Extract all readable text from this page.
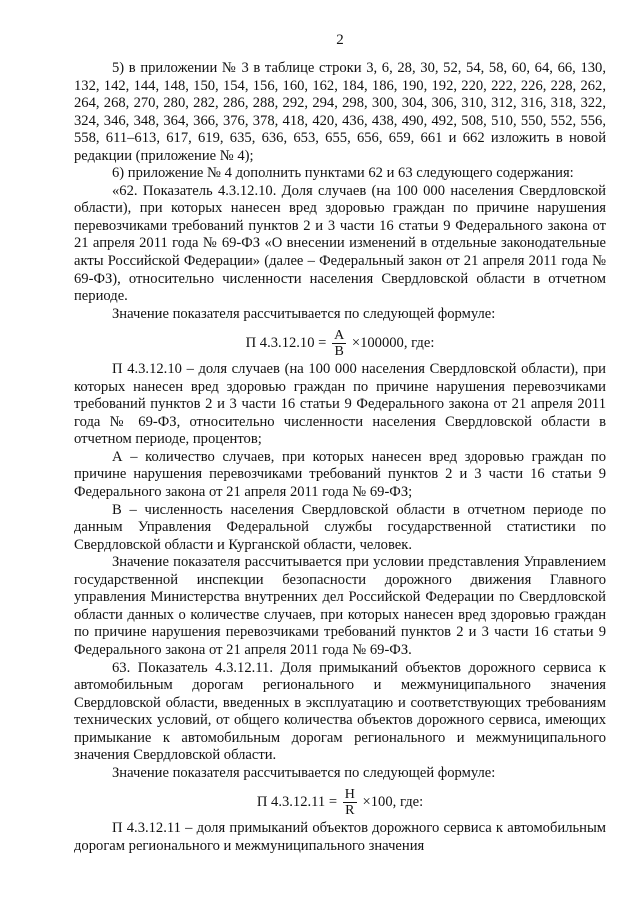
2

5) в приложении № 3 в таблице строки 3, 6, 28, 30, 52, 54, 58, 60, 64, 66, 130, 132, 142, 144, 148, 150, 154, 156, 160, 162, 184, 186, 190, 192, 220, 222, 226, 228, 262, 264, 268, 270, 280, 282, 286, 288, 292, 294, 298, 300, 304, 306, 310, 312, 316, 318, 322, 324, 346, 348, 364, 366, 376, 378, 418, 420, 436, 438, 490, 492, 508, 510, 550, 552, 556, 558, 611–613, 617, 619, 635, 636, 653, 655, 656, 659, 661 и 662 изложить в новой редакции (приложение № 4);

6) приложение № 4 дополнить пунктами 62 и 63 следующего содержания:

«62. Показатель 4.3.12.10. Доля случаев (на 100 000 населения Свердловской области), при которых нанесен вред здоровью граждан по причине нарушения перевозчиками требований пунктов 2 и 3 части 16 статьи 9 Федерального закона от 21 апреля 2011 года № 69-ФЗ «О внесении изменений в отдельные законодательные акты Российской Федерации» (далее – Федеральный закон от 21 апреля 2011 года № 69-ФЗ), относительно численности населения Свердловской области в отчетном периоде.

Значение показателя рассчитывается по следующей формуле:

П $4.3.12.10 = \frac{А}{В} \times 100000$, где:

П 4.3.12.10 – доля случаев (на 100 000 населения Свердловской области), при которых нанесен вред здоровью граждан по причине нарушения перевозчиками требований пунктов 2 и 3 части 16 статьи 9 Федерального закона от 21 апреля 2011 года № 69-ФЗ, относительно численности населения Свердловской области в отчетном периоде, процентов;

А – количество случаев, при которых нанесен вред здоровью граждан по причине нарушения перевозчиками требований пунктов 2 и 3 части 16 статьи 9 Федерального закона от 21 апреля 2011 года № 69-ФЗ;

В – численность населения Свердловской области в отчетном периоде по данным Управления Федеральной службы государственной статистики по Свердловской области и Курганской области, человек.

Значение показателя рассчитывается при условии представления Управлением государственной инспекции безопасности дорожного движения Главного управления Министерства внутренних дел Российской Федерации по Свердловской области данных о количестве случаев, при которых нанесен вред здоровью граждан по причине нарушения перевозчиками требований пунктов 2 и 3 части 16 статьи 9 Федерального закона от 21 апреля 2011 года № 69-ФЗ.

63. Показатель 4.3.12.11. Доля примыканий объектов дорожного сервиса к автомобильным дорогам регионального и межмуниципального значения Свердловской области, введенных в эксплуатацию и соответствующих требованиям технических условий, от общего количества объектов дорожного сервиса, имеющих примыкание к автомобильным дорогам регионального и межмуниципального значения Свердловской области.

Значение показателя рассчитывается по следующей формуле:

П $4.3.12.11 = \frac{Н}{R} \times 100$, где:

П 4.3.12.11 – доля примыканий объектов дорожного сервиса к автомобильным дорогам регионального и межмуниципального значения
